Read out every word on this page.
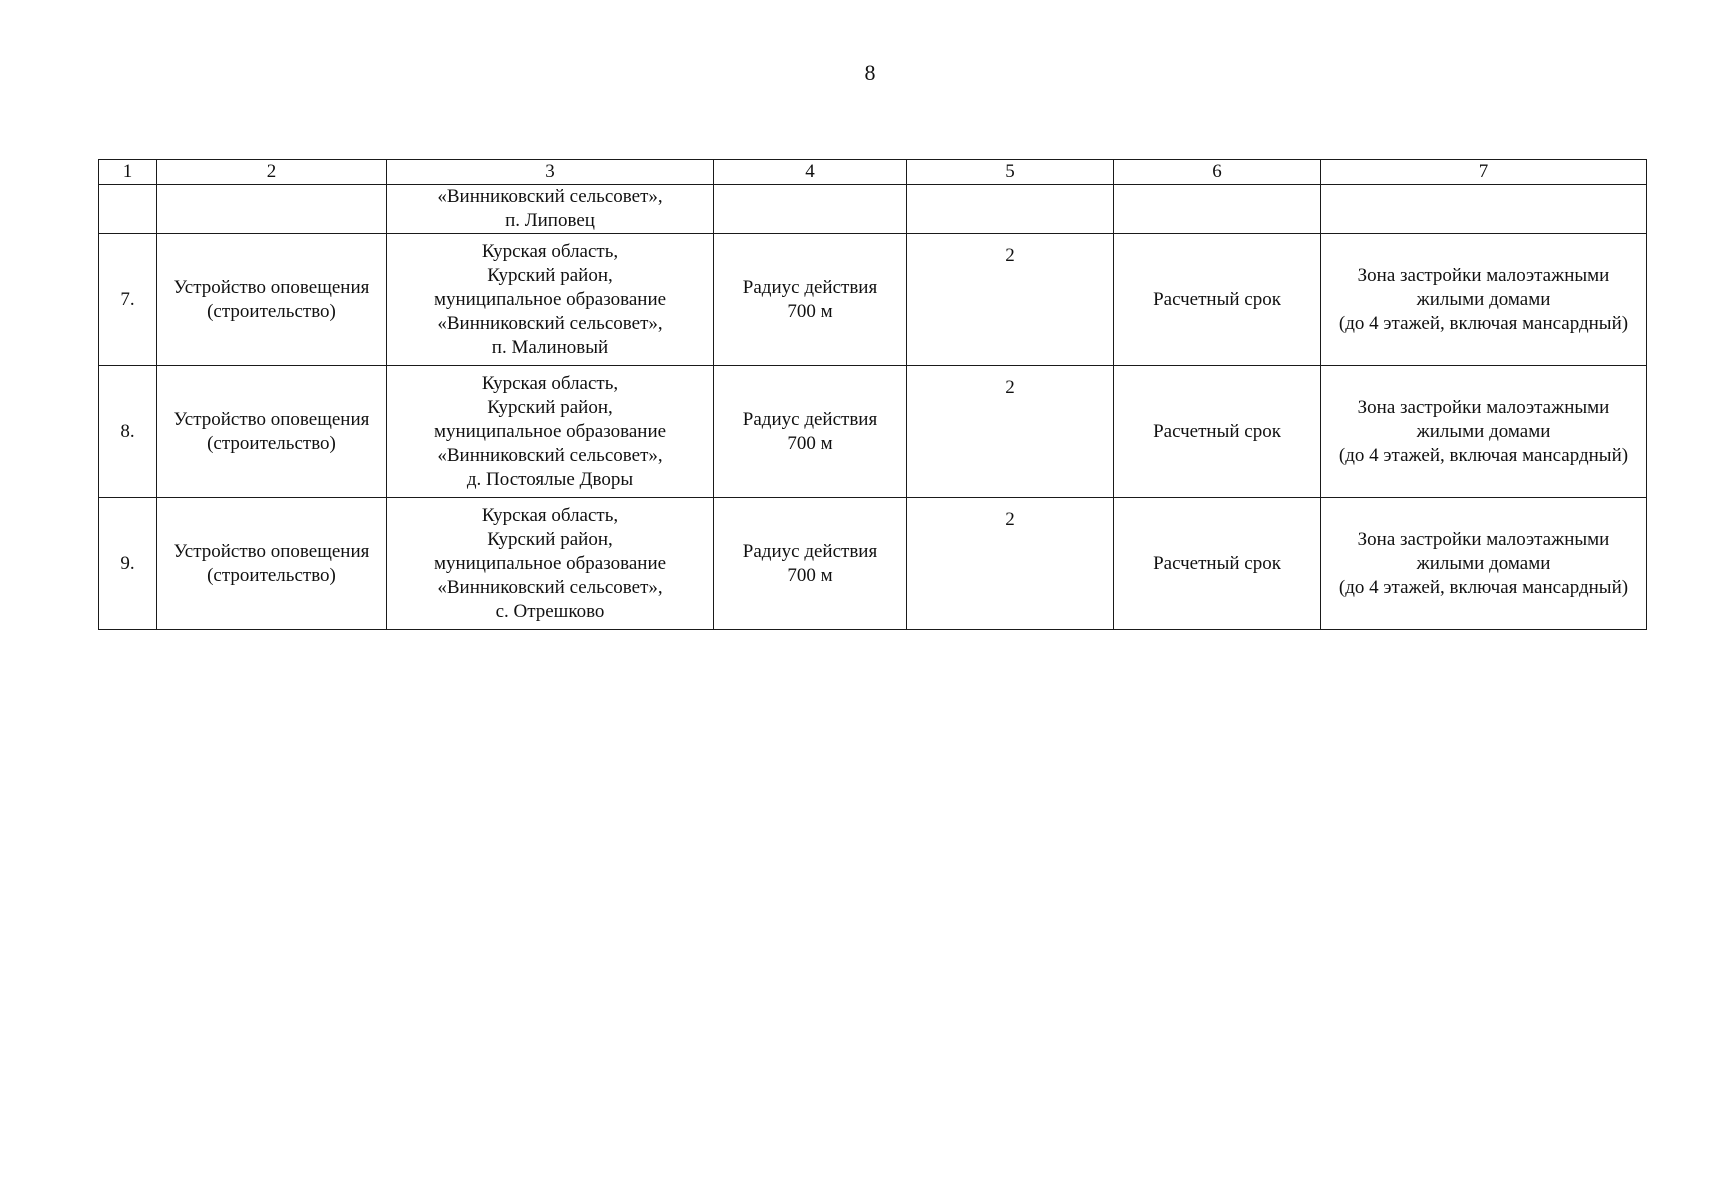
8
1	2	3	4	5	6	7

		«Винниковский сельсовет»,
п. Липовец				

7.	Устройство оповещения
(строительство)	Курская область,
Курский район,
муниципальное образование
«Винниковский сельсовет»,
п. Малиновый	Радиус действия
700 м	2	Расчетный срок	Зона застройки малоэтажными
жилыми домами
(до 4 этажей, включая мансардный)

8.	Устройство оповещения
(строительство)	Курская область,
Курский район,
муниципальное образование
«Винниковский сельсовет»,
д. Постоялые Дворы	Радиус действия
700 м	2	Расчетный срок	Зона застройки малоэтажными
жилыми домами
(до 4 этажей, включая мансардный)

9.	Устройство оповещения
(строительство)	Курская область,
Курский район,
муниципальное образование
«Винниковский сельсовет»,
с. Отрешково	Радиус действия
700 м	2	Расчетный срок	Зона застройки малоэтажными
жилыми домами
(до 4 этажей, включая мансардный)
